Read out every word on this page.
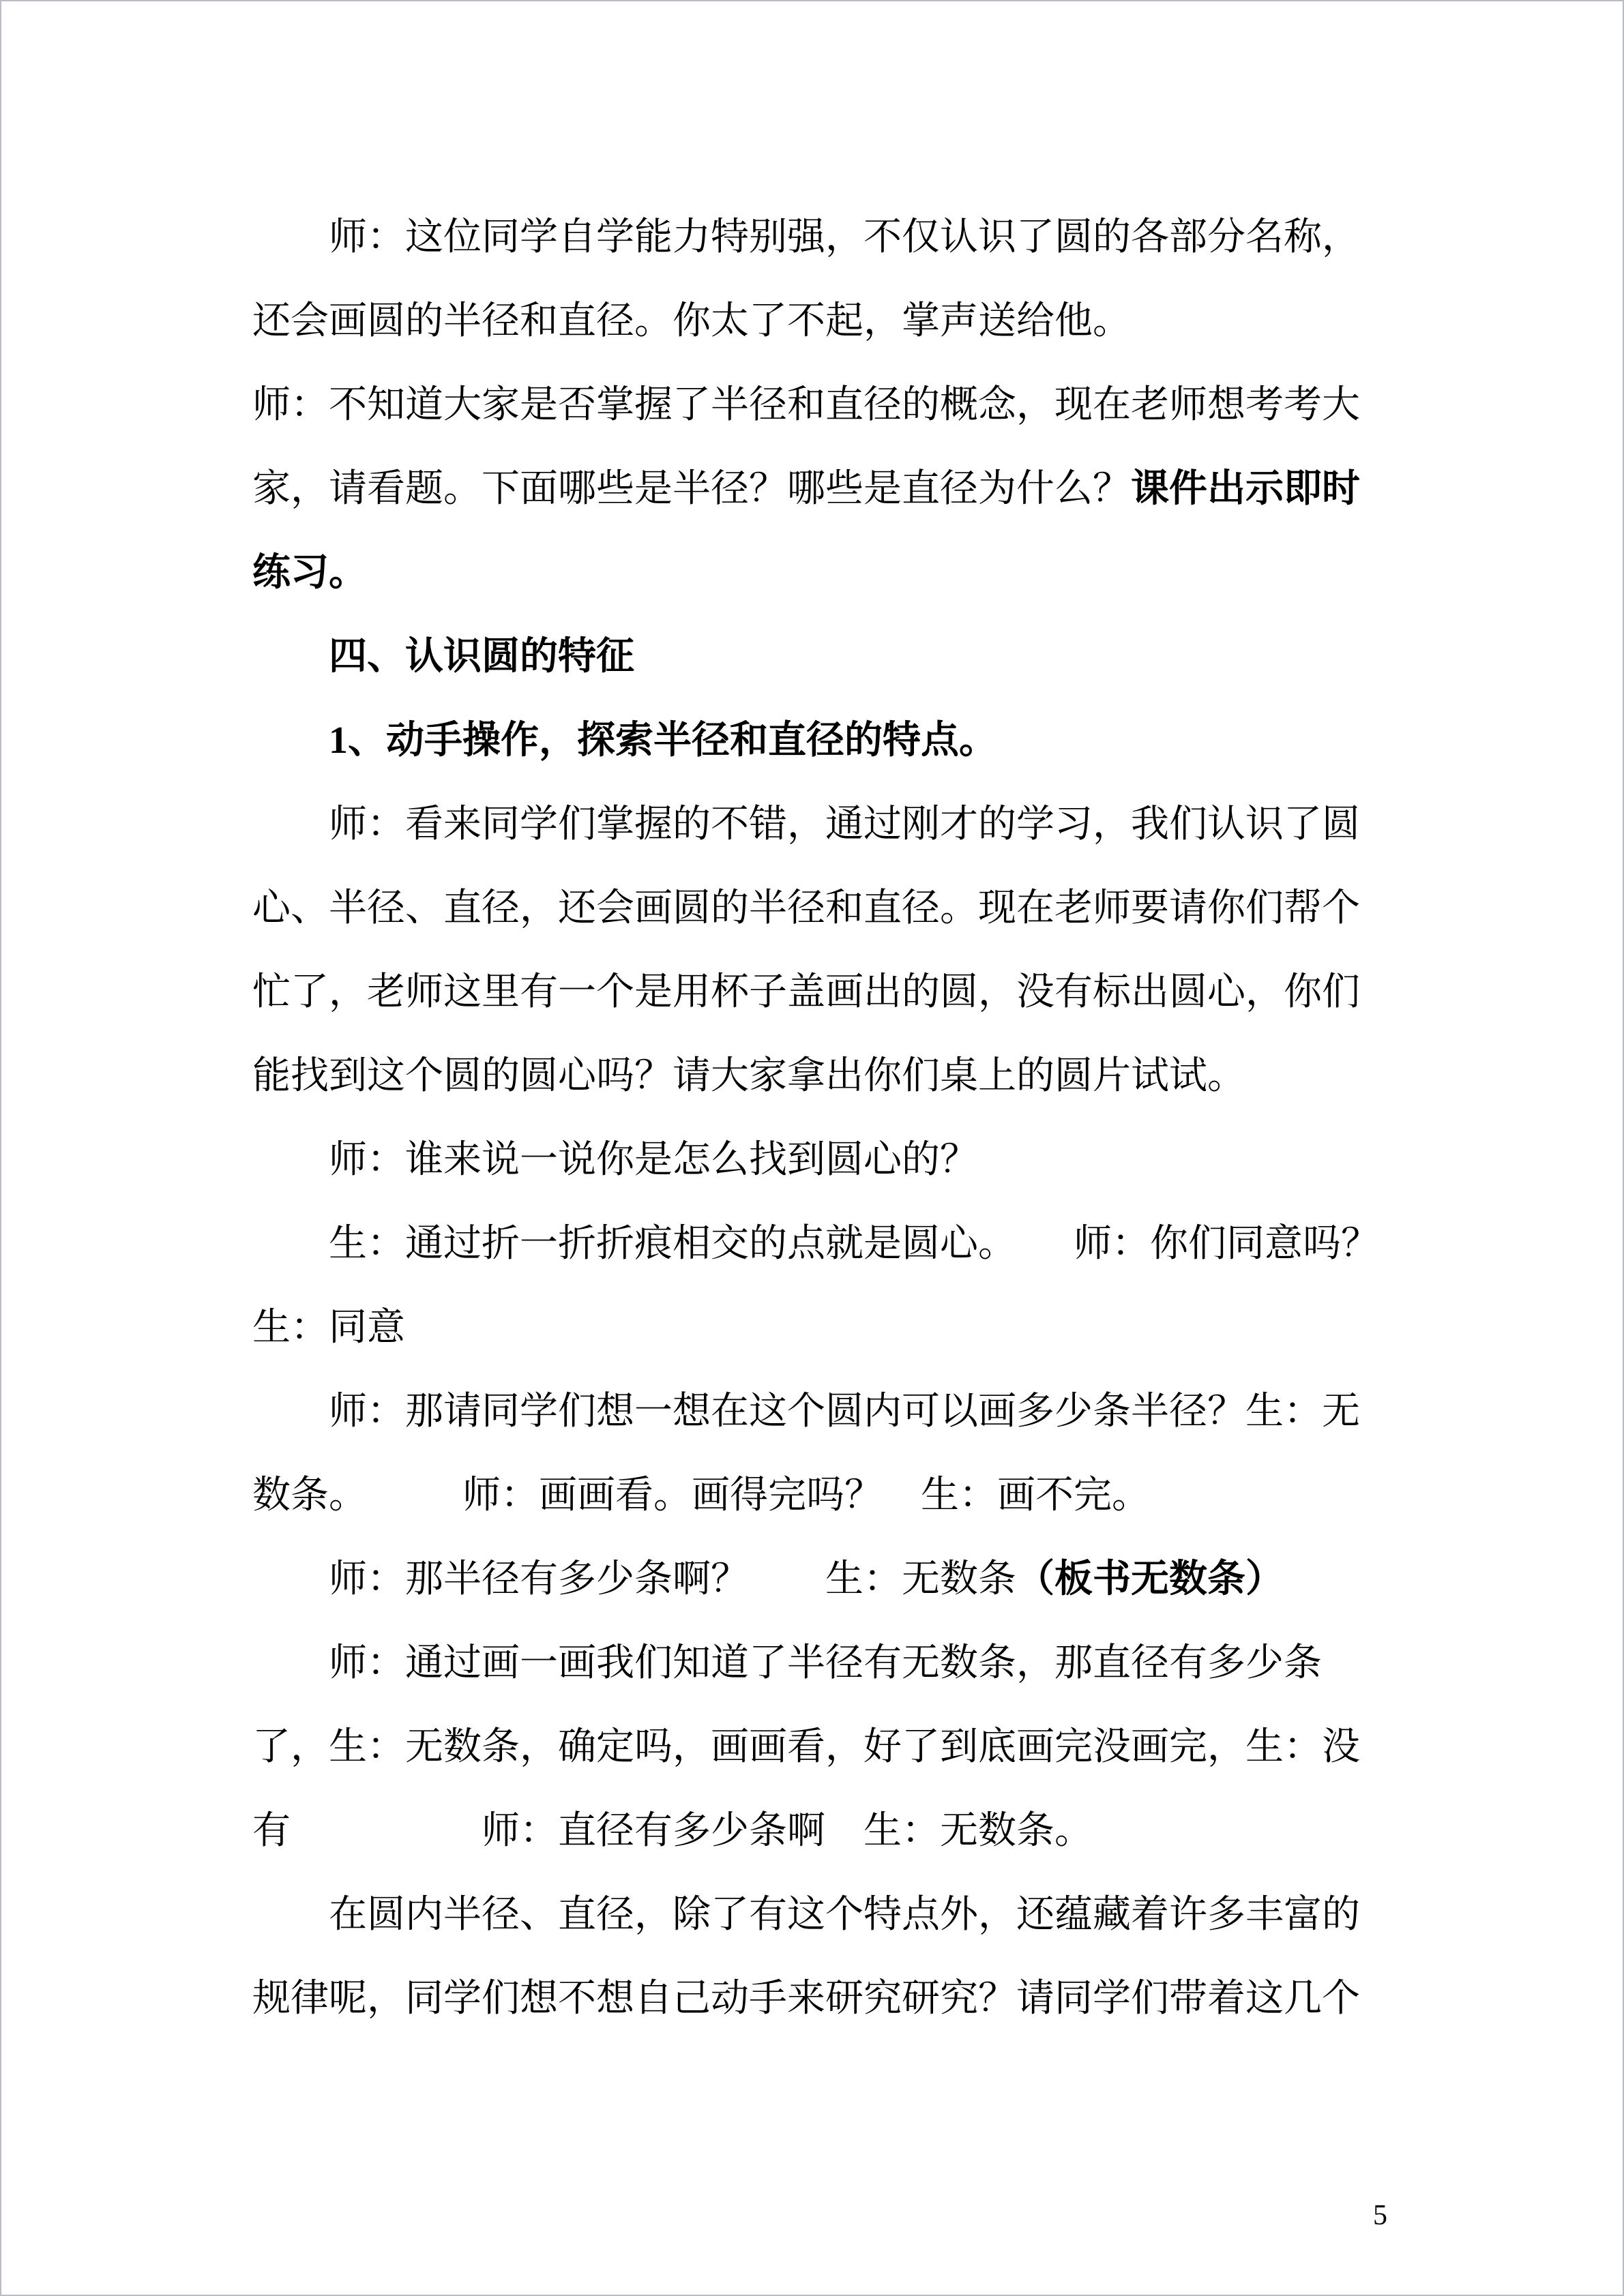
师：这位同学自学能力特别强，不仅认识了圆的各部分名称，
还会画圆的半径和直径。你太了不起，掌声送给他。
师：不知道大家是否掌握了半径和直径的概念，现在老师想考考大
家，请看题。下面哪些是半径？哪些是直径为什么？课件出示即时
练习。
四、认识圆的特征
1、动手操作，探索半径和直径的特点。
师：看来同学们掌握的不错，通过刚才的学习，我们认识了圆
心、半径、直径，还会画圆的半径和直径。现在老师要请你们帮个
忙了，老师这里有一个是用杯子盖画出的圆，没有标出圆心，你们
能找到这个圆的圆心吗？请大家拿出你们桌上的圆片试试。
师：谁来说一说你是怎么找到圆心的？
生：通过折一折折痕相交的点就是圆心。　　师：你们同意吗？
生：同意
师：那请同学们想一想在这个圆内可以画多少条半径？生：无
数条。　　　师：画画看。画得完吗？　生：画不完。
师：那半径有多少条啊？　　生：无数条（板书无数条）
师：通过画一画我们知道了半径有无数条，那直径有多少条
了，生：无数条，确定吗，画画看，好了到底画完没画完，生：没
有　　　　　师：直径有多少条啊　生：无数条。
在圆内半径、直径，除了有这个特点外，还蕴藏着许多丰富的
规律呢，同学们想不想自己动手来研究研究？请同学们带着这几个
5
